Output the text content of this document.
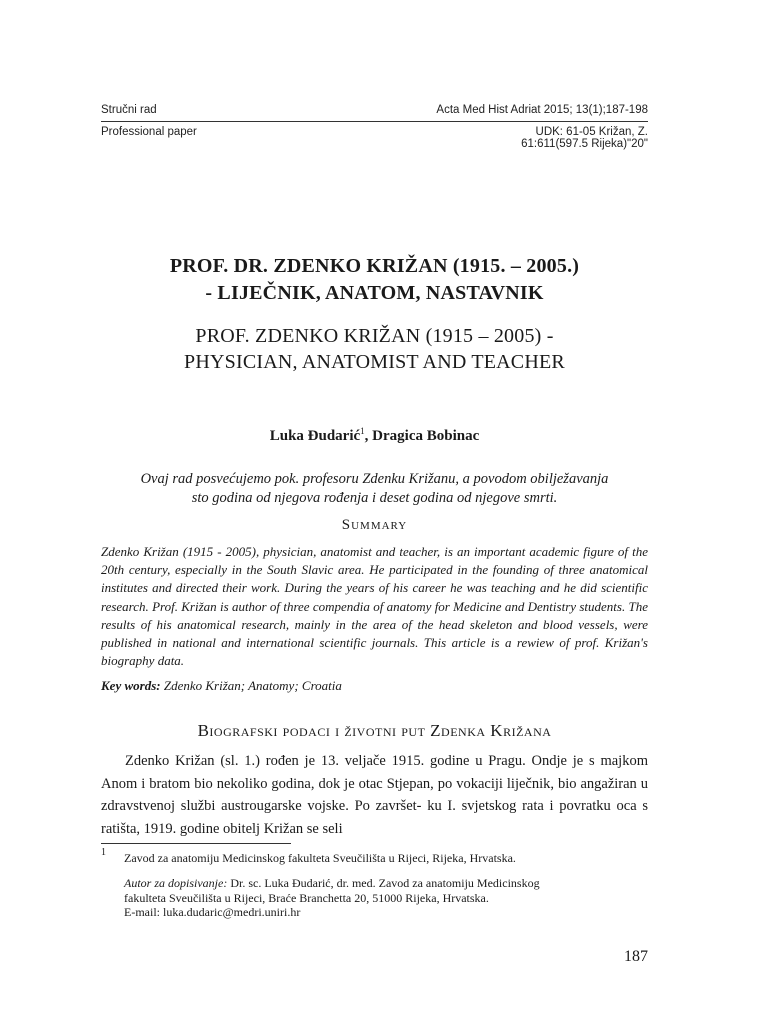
Stručni rad	Acta Med Hist Adriat 2015; 13(1);187-198
Professional paper	UDK: 61-05 Križan, Z.
61:611(597.5 Rijeka)"20"
PROF. DR. ZDENKO KRIŽAN (1915. – 2005.)
- LIJEČNIK, ANATOM, NASTAVNIK
PROF. ZDENKO KRIŽAN (1915 – 2005) -
PHYSICIAN, ANATOMIST AND TEACHER
Luka Đudarić$^1$, Dragica Bobinac
Ovaj rad posvećujemo pok. profesoru Zdenku Križanu, a povodom obilježavanja
sto godina od njegova rođenja i deset godina od njegove smrti.
Summary
Zdenko Križan (1915 - 2005), physician, anatomist and teacher, is an important academic figure of the 20th century, especially in the South Slavic area. He participated in the founding of three anatomical institutes and directed their work. During the years of his career he was teaching and he did scientific research. Prof. Križan is author of three compendia of anatomy for Medicine and Dentistry students. The results of his anatomical research, mainly in the area of the head skeleton and blood vessels, were published in national and international scientific journals. This article is a rewiew of prof. Križan's biography data.
Key words: Zdenko Križan; Anatomy; Croatia
Biografski podaci i životni put Zdenka Križana
Zdenko Križan (sl. 1.) rođen je 13. veljače 1915. godine u Pragu. Ondje je s majkom Anom i bratom bio nekoliko godina, dok je otac Stjepan, po vokaciji liječnik, bio angažiran u zdravstvenoj službi austrougarske vojske. Po završet- ku I. svjetskog rata i povratku oca s ratišta, 1919. godine obitelj Križan se seli
1 Zavod za anatomiju Medicinskog fakulteta Sveučilišta u Rijeci, Rijeka, Hrvatska.
Autor za dopisivanje: Dr. sc. Luka Đudarić, dr. med. Zavod za anatomiju Medicinskog
fakulteta Sveučilišta u Rijeci, Braće Branchetta 20, 51000 Rijeka, Hrvatska.
E-mail: luka.dudaric@medri.uniri.hr
187
